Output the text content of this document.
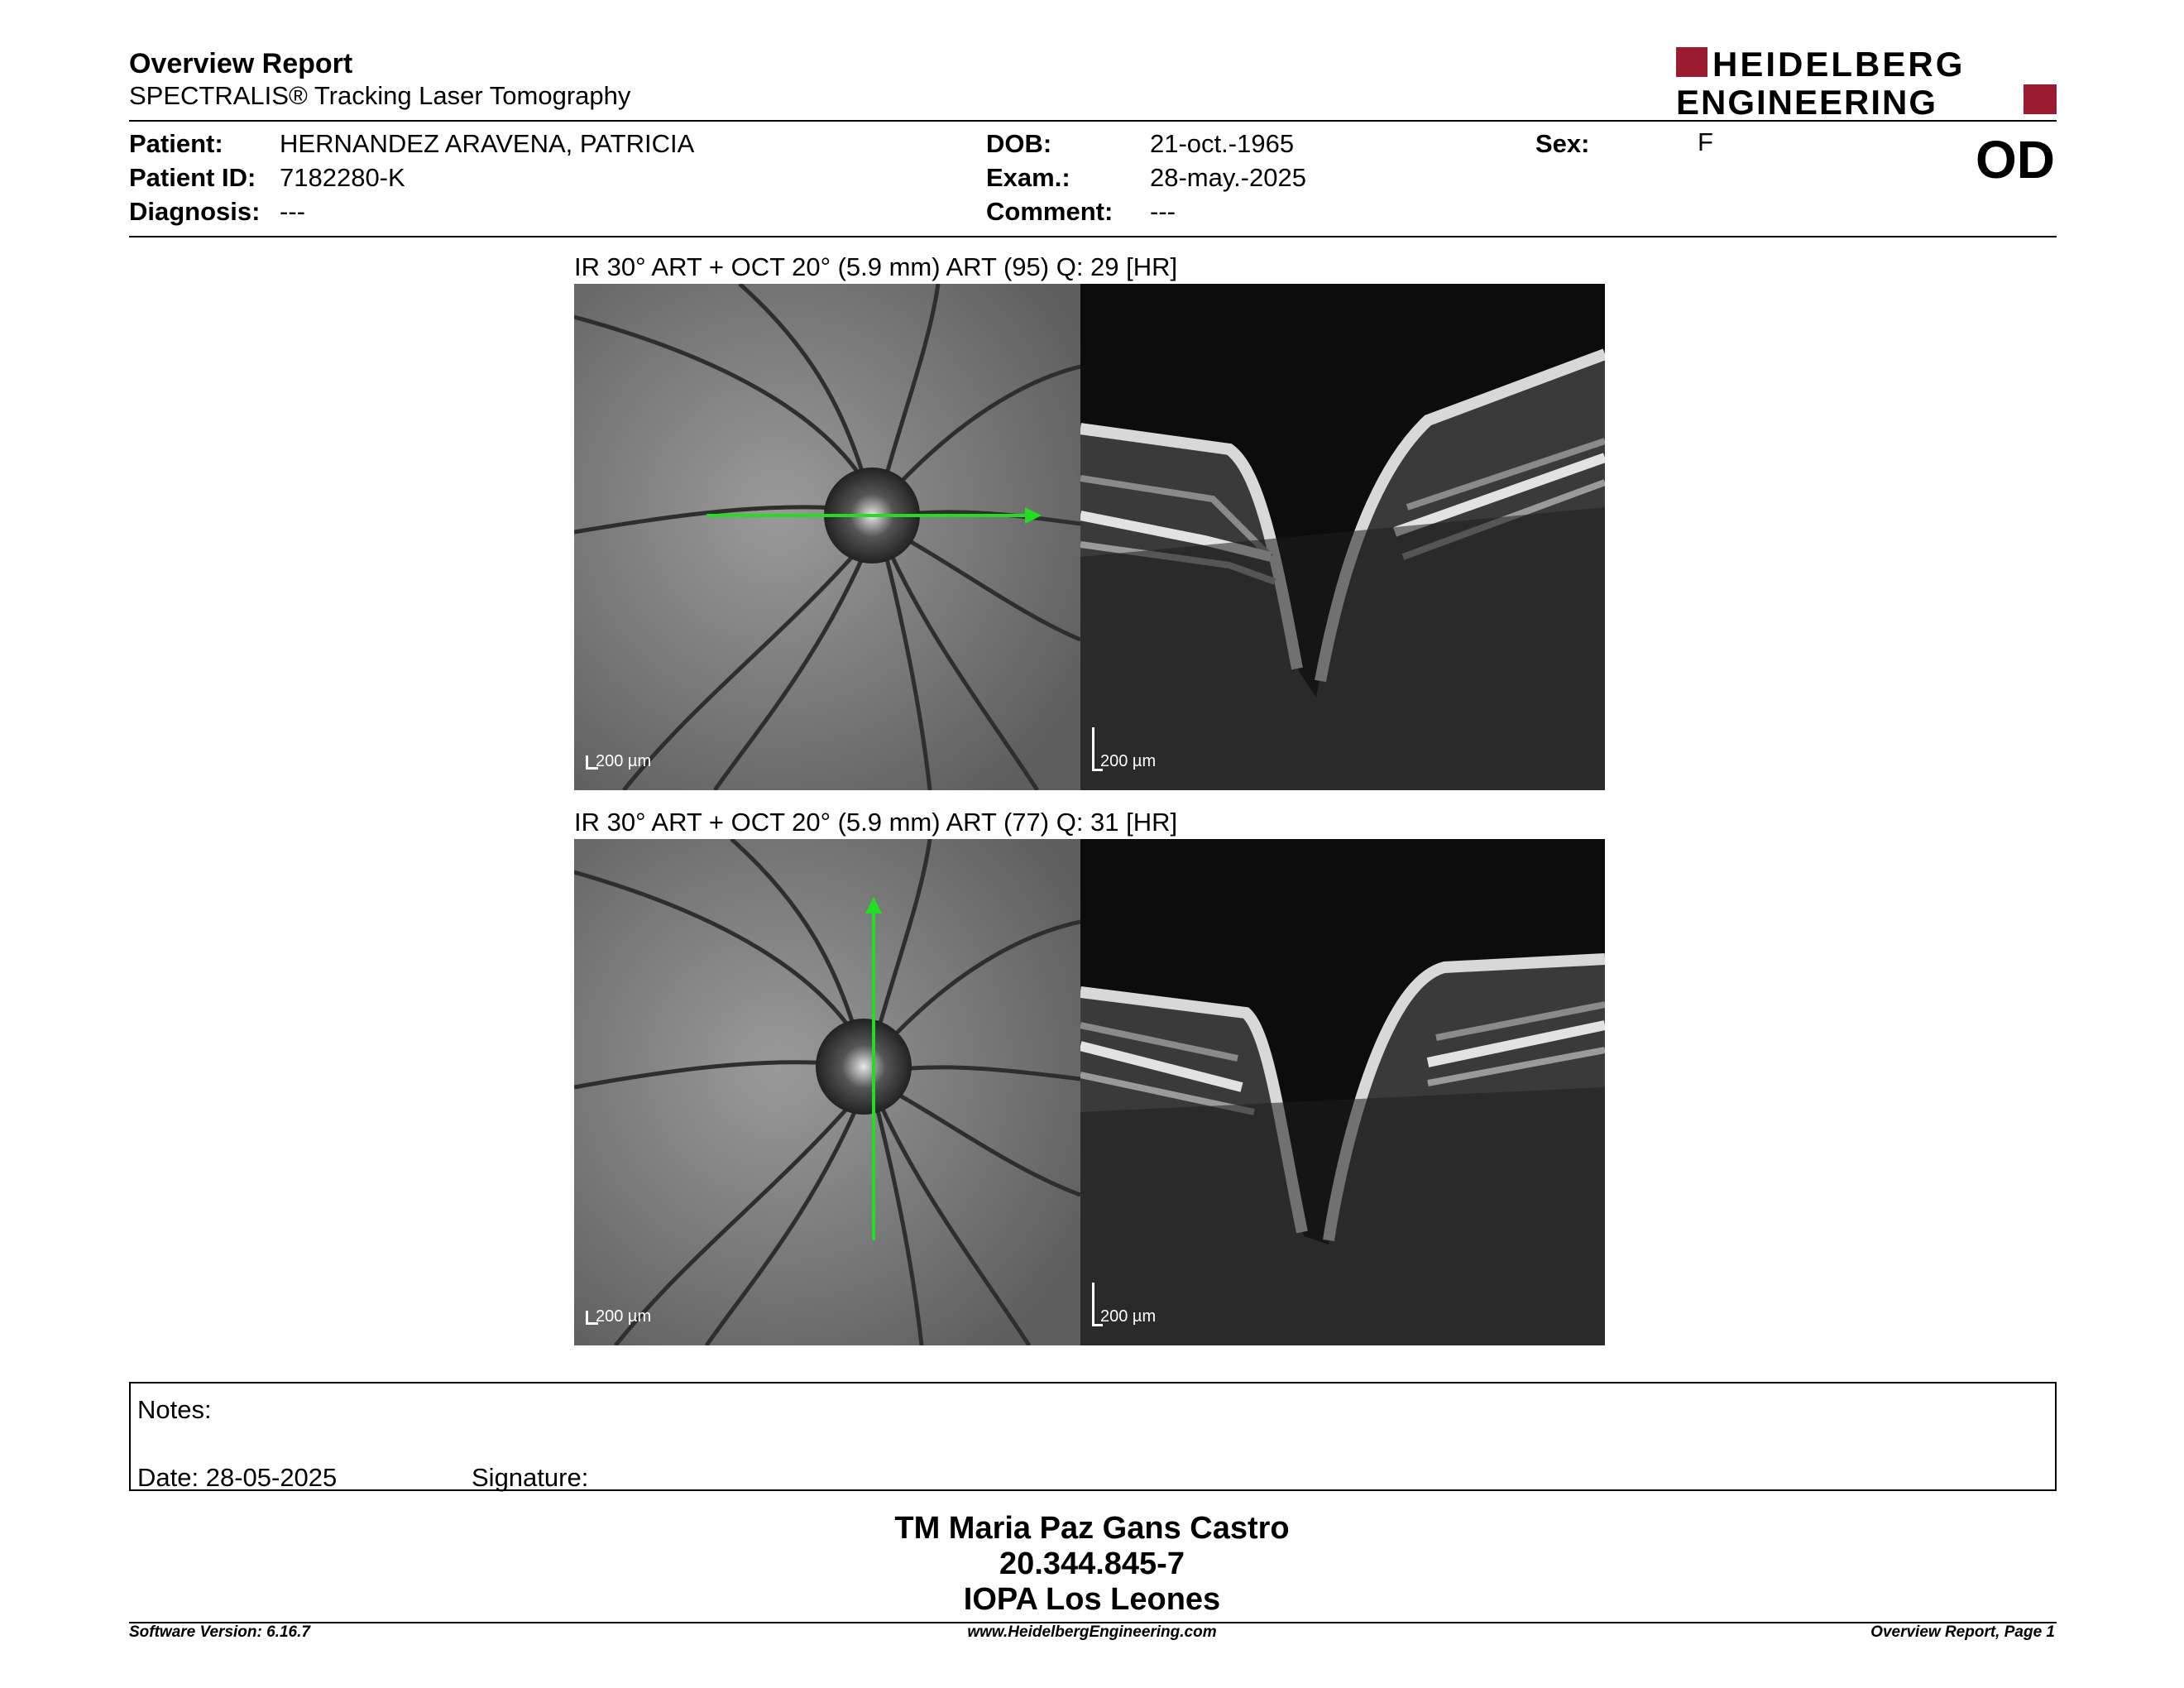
Overview Report
SPECTRALIS® Tracking Laser Tomography
HEIDELBERG
ENGINEERING
Patient: HERNANDEZ ARAVENA, PATRICIA
Patient ID: 7182280-K
Diagnosis: ---
DOB:	21-oct.-1965
Exam.:	28-may.-2025
Comment: ---
Sex:	F	OD
IR 30° ART + OCT 20° (5.9 mm) ART (95) Q: 29 [HR]
200 µm	200 µm
IR 30° ART + OCT 20° (5.9 mm) ART (77) Q: 31 [HR]
200 µm	200 µm
Notes:
Date: 28-05-2025	Signature:
TM Maria Paz Gans Castro
20.344.845-7
IOPA Los Leones
Software Version: 6.16.7	www.HeidelbergEngineering.com	Overview Report, Page 1
